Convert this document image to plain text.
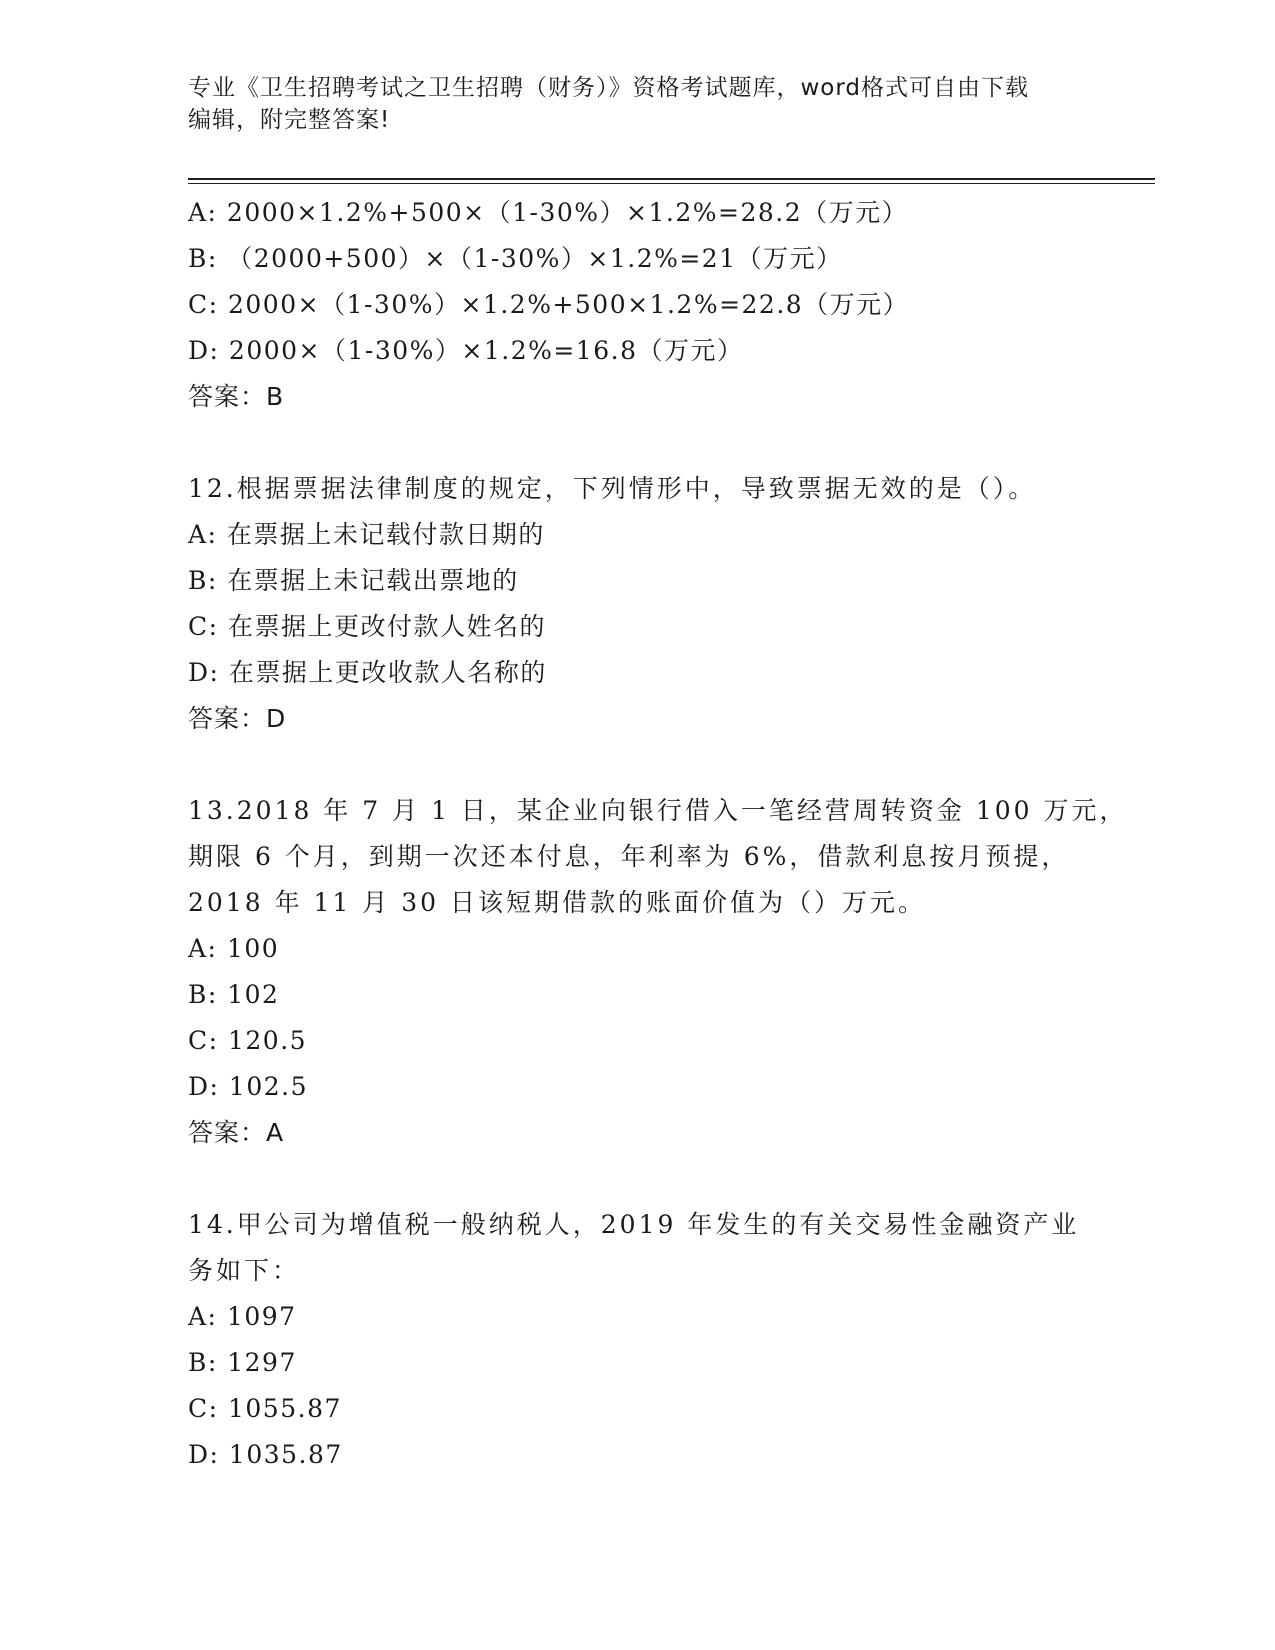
专业《卫生招聘考试之卫生招聘（财务）》资格考试题库，word格式可自由下载
编辑，附完整答案!
A: 2000×1.2%+500×（1-30%）×1.2%=28.2（万元）
B: （2000+500）×（1-30%）×1.2%=21（万元）
C: 2000×（1-30%）×1.2%+500×1.2%=22.8（万元）
D: 2000×（1-30%）×1.2%=16.8（万元）
答案：B
12.根据票据法律制度的规定，下列情形中，导致票据无效的是（）。
A: 在票据上未记载付款日期的
B: 在票据上未记载出票地的
C: 在票据上更改付款人姓名的
D: 在票据上更改收款人名称的
答案：D
13.2018 年 7 月 1 日，某企业向银行借入一笔经营周转资金 100 万元，
期限 6 个月，到期一次还本付息，年利率为 6%，借款利息按月预提，
2018 年 11 月 30 日该短期借款的账面价值为（）万元。
A: 100
B: 102
C: 120.5
D: 102.5
答案：A
14.甲公司为增值税一般纳税人，2019 年发生的有关交易性金融资产业
务如下：
A: 1097
B: 1297
C: 1055.87
D: 1035.87
